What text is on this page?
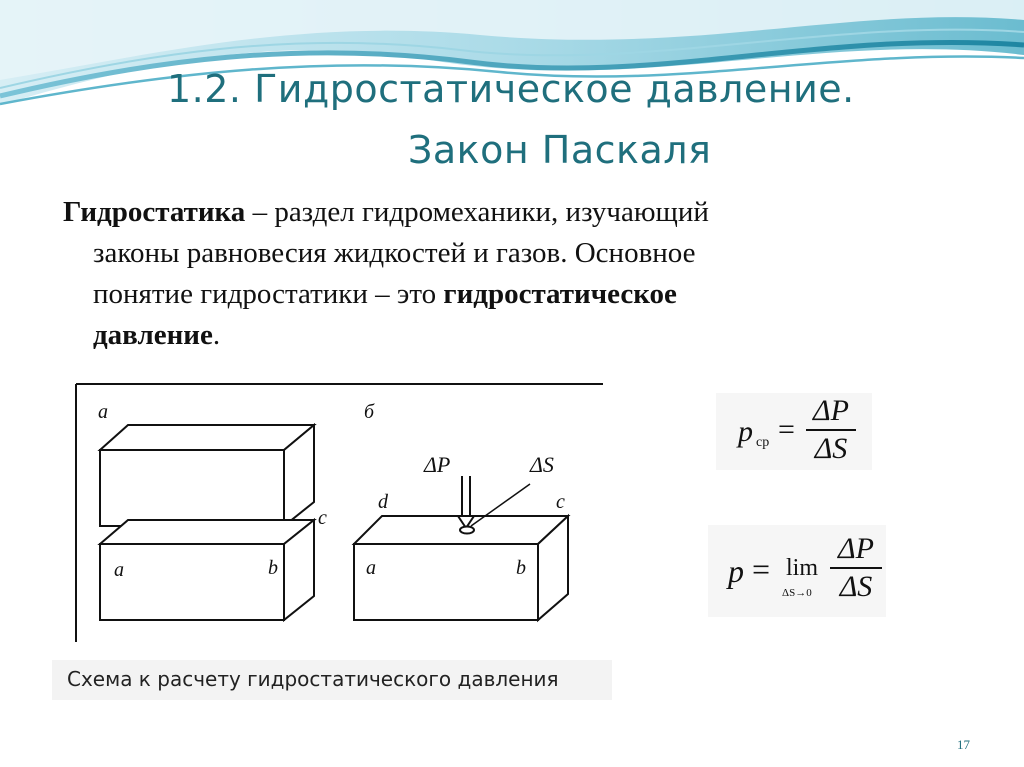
1.2. Гидростатическое давление.
Закон Паскаля
Гидростатика – раздел гидромеханики, изучающий
законы равновесия жидкостей и газов. Основное
понятие гидростатики – это гидростатическое
давление.
а	б
c
a	b
d	c
a	b
ΔP	ΔS
Схема к расчету гидростатического давления
p ср =
ΔP
ΔS
p = lim
ΔS→0
ΔP
ΔS
17
